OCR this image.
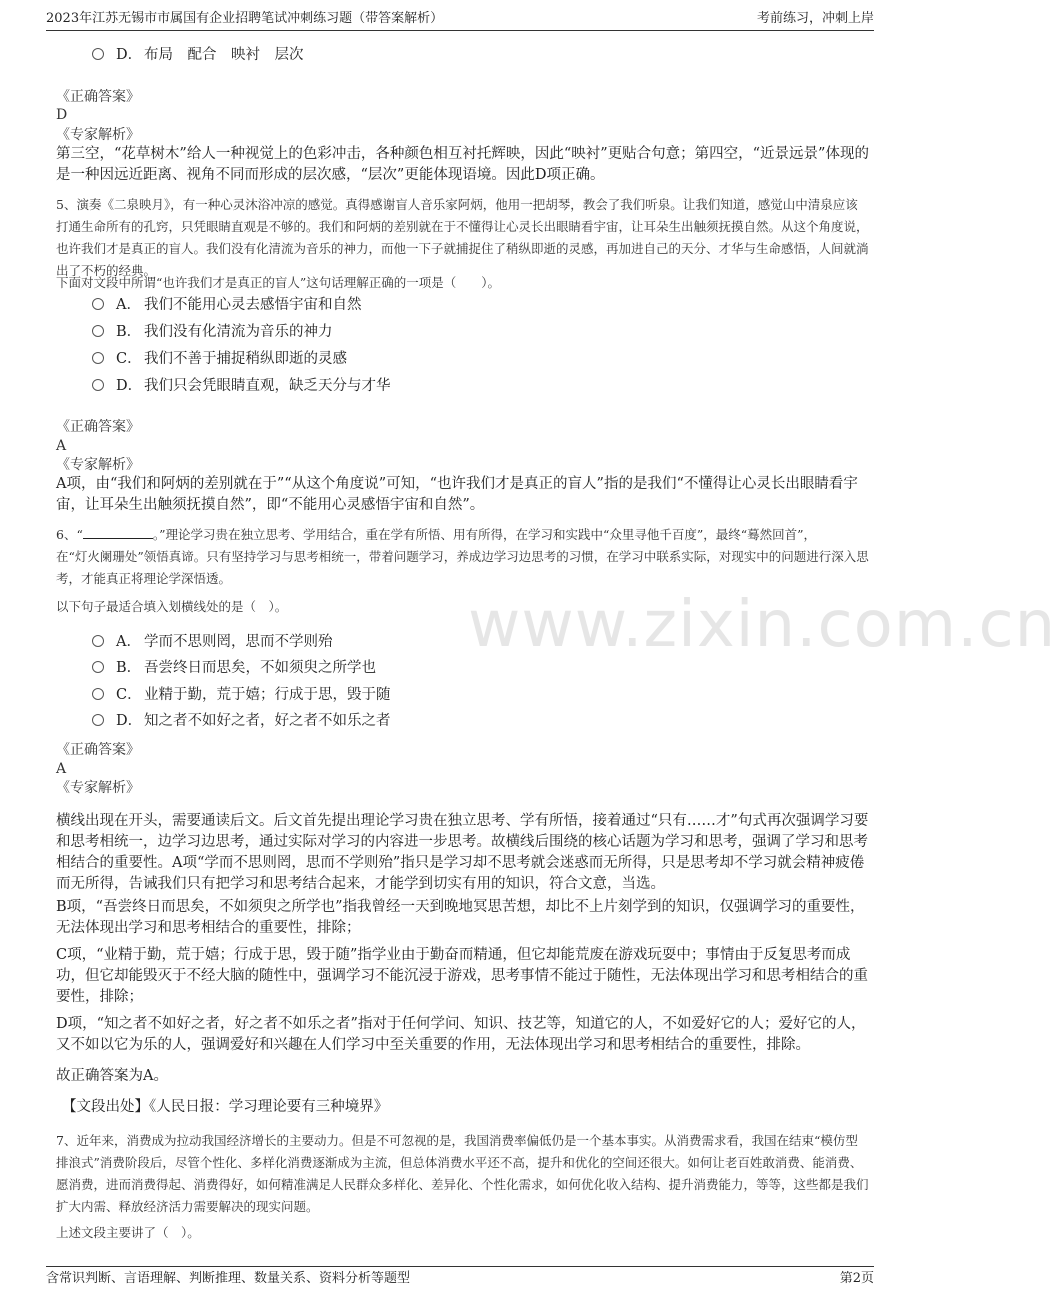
2023年江苏无锡市市属国有企业招聘笔试冲刺练习题（带答案解析）	考前练习，冲刺上岸
www.zixin.com.cn
D． 布局　配合　映衬　层次
《正确答案》
D
《专家解析》
第三空，“花草树木”给人一种视觉上的色彩冲击，各种颜色相互衬托辉映，因此“映衬”更贴合句意；第四空，“近景远景”体现的是一种因远近距离、视角不同而形成的层次感，“层次”更能体现语境。因此D项正确。
5、演奏《二泉映月》，有一种心灵沐浴冲凉的感觉。真得感谢盲人音乐家阿炳，他用一把胡琴，教会了我们听泉。让我们知道，感觉山中清泉应该打通生命所有的孔窍，只凭眼睛直观是不够的。我们和阿炳的差别就在于不懂得让心灵长出眼睛看宇宙，让耳朵生出触须抚摸自然。从这个角度说，也许我们才是真正的盲人。我们没有化清流为音乐的神力，而他一下子就捕捉住了稍纵即逝的灵感，再加进自己的天分、才华与生命感悟，人间就淌出了不朽的经典。
下面对文段中所谓“也许我们才是真正的盲人”这句话理解正确的一项是（　　）。
A． 我们不能用心灵去感悟宇宙和自然
B． 我们没有化清流为音乐的神力
C． 我们不善于捕捉稍纵即逝的灵感
D． 我们只会凭眼睛直观，缺乏天分与才华
《正确答案》
A
《专家解析》
A项，由“我们和阿炳的差别就在于”“从这个角度说”可知，“也许我们才是真正的盲人”指的是我们“不懂得让心灵长出眼睛看宇宙，让耳朵生出触须抚摸自然”，即“不能用心灵感悟宇宙和自然”。
6、“	。”理论学习贵在独立思考、学用结合，重在学有所悟、用有所得，在学习和实践中“众里寻他千百度”，最终“蓦然回首”，
在“灯火阑珊处”领悟真谛。只有坚持学习与思考相统一，带着问题学习，养成边学习边思考的习惯，在学习中联系实际，对现实中的问题进行深入思考，才能真正将理论学深悟透。
以下句子最适合填入划横线处的是（　）。
A． 学而不思则罔，思而不学则殆
B． 吾尝终日而思矣，不如须臾之所学也
C． 业精于勤，荒于嬉；行成于思，毁于随
D． 知之者不如好之者，好之者不如乐之者
《正确答案》
A
《专家解析》
横线出现在开头，需要通读后文。后文首先提出理论学习贵在独立思考、学有所悟，接着通过“只有……才”句式再次强调学习要和思考相统一，边学习边思考，通过实际对学习的内容进一步思考。故横线后围绕的核心话题为学习和思考，强调了学习和思考相结合的重要性。A项“学而不思则罔，思而不学则殆”指只是学习却不思考就会迷惑而无所得，只是思考却不学习就会精神疲倦而无所得，告诫我们只有把学习和思考结合起来，才能学到切实有用的知识，符合文意，当选。
B项，“吾尝终日而思矣，不如须臾之所学也”指我曾经一天到晚地冥思苦想，却比不上片刻学到的知识，仅强调学习的重要性，无法体现出学习和思考相结合的重要性，排除；
C项，“业精于勤，荒于嬉；行成于思，毁于随”指学业由于勤奋而精通，但它却能荒废在游戏玩耍中；事情由于反复思考而成功，但它却能毁灭于不经大脑的随性中，强调学习不能沉浸于游戏，思考事情不能过于随性，无法体现出学习和思考相结合的重要性，排除；
D项，“知之者不如好之者，好之者不如乐之者”指对于任何学问、知识、技艺等，知道它的人，不如爱好它的人；爱好它的人，又不如以它为乐的人，强调爱好和兴趣在人们学习中至关重要的作用，无法体现出学习和思考相结合的重要性，排除。
故正确答案为A。
【文段出处】《人民日报：学习理论要有三种境界》
7、近年来，消费成为拉动我国经济增长的主要动力。但是不可忽视的是，我国消费率偏低仍是一个基本事实。从消费需求看，我国在结束“模仿型排浪式”消费阶段后，尽管个性化、多样化消费逐渐成为主流，但总体消费水平还不高，提升和优化的空间还很大。如何让老百姓敢消费、能消费、愿消费，进而消费得起、消费得好，如何精准满足人民群众多样化、差异化、个性化需求，如何优化收入结构、提升消费能力，等等，这些都是我们扩大内需、释放经济活力需要解决的现实问题。
上述文段主要讲了（　）。
含常识判断、言语理解、判断推理、数量关系、资料分析等题型	第2页
